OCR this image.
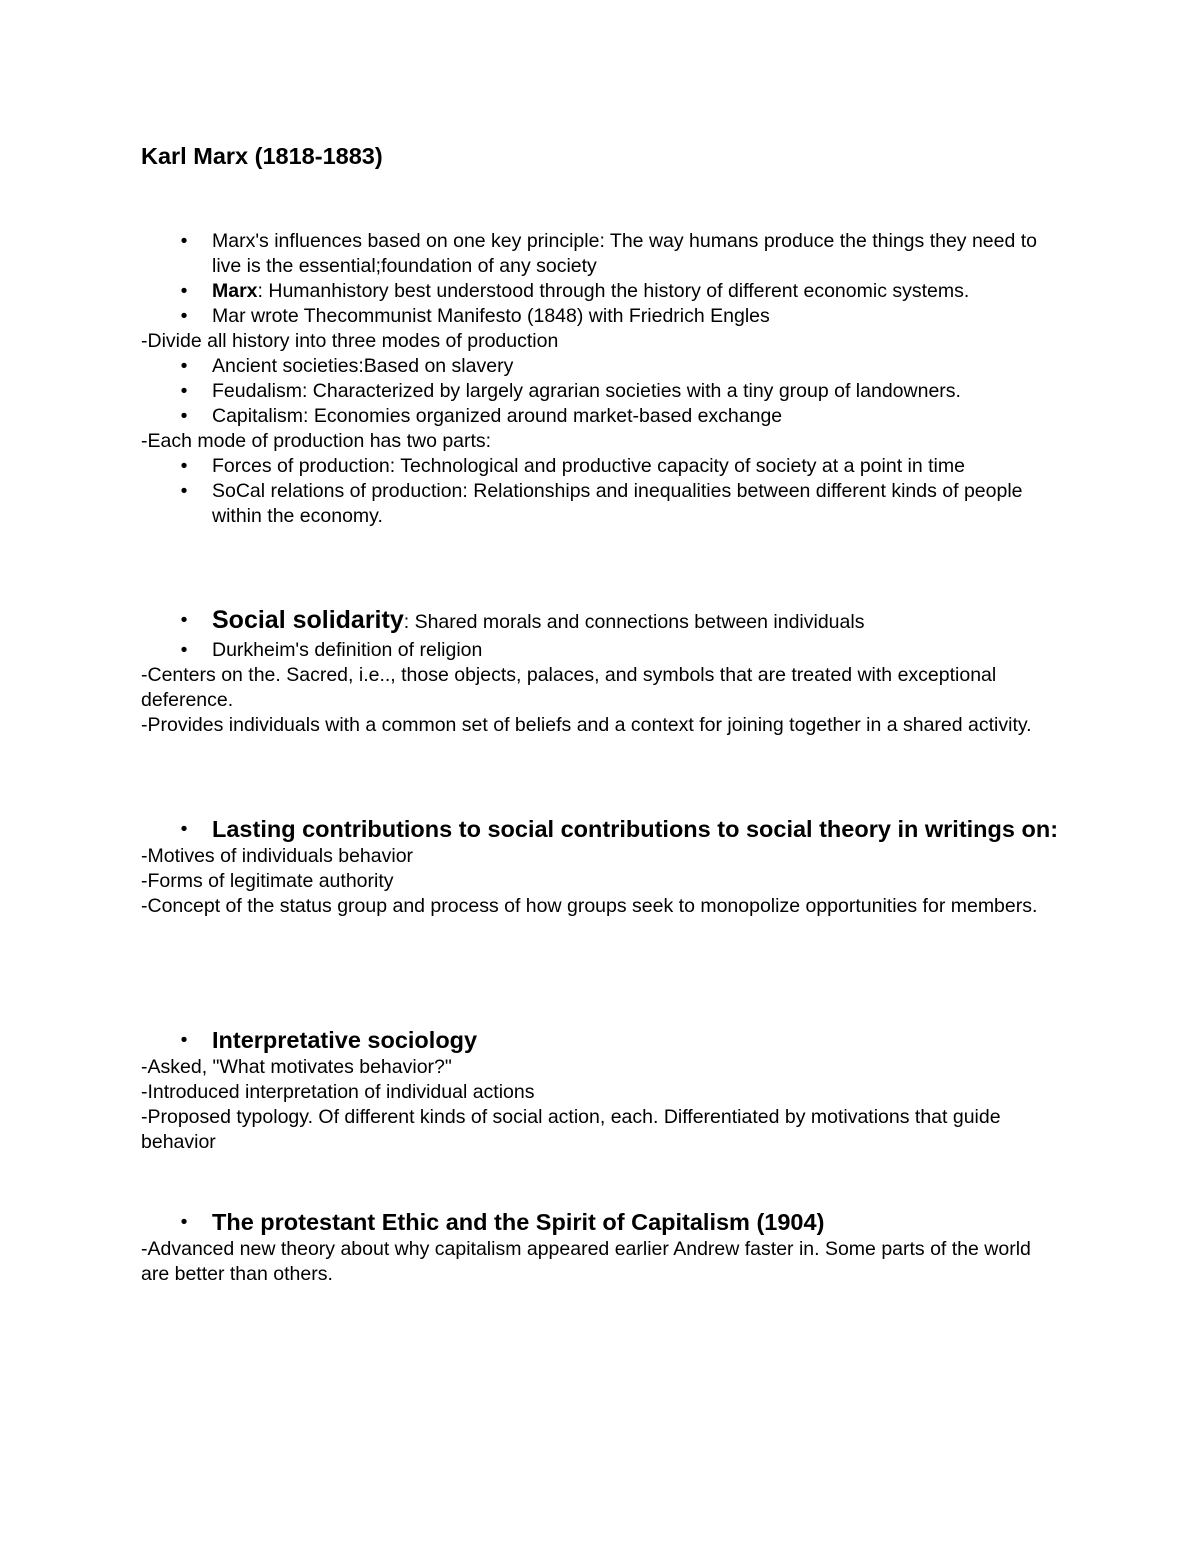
Karl Marx (1818-1883)

• Marx's influences based on one key principle: The way humans produce the things they need to live is the essential;foundation of any society

• Marx: Humanhistory best understood through the history of different economic systems.

• Mar wrote Thecommunist Manifesto (1848) with Friedrich Engles

-Divide all history into three modes of production

• Ancient societies:Based on slavery

• Feudalism: Characterized by largely agrarian societies with a tiny group of landowners.

• Capitalism: Economies organized around market-based exchange

-Each mode of production has two parts:

• Forces of production: Technological and productive capacity of society at a point in time

• SoCal relations of production: Relationships and inequalities between different kinds of people within the economy.

• Social solidarity: Shared morals and connections between individuals

• Durkheim's definition of religion

-Centers on the. Sacred, i.e.., those objects, palaces, and symbols that are treated with exceptional deference.

-Provides individuals with a common set of beliefs and a context for joining together in a shared activity.

• Lasting contributions to social contributions to social theory in writings on:

-Motives of individuals behavior

-Forms of legitimate authority

-Concept of the status group and process of how groups seek to monopolize opportunities for members.

• Interpretative sociology

-Asked, "What motivates behavior?"

-Introduced interpretation of individual actions

-Proposed typology. Of different kinds of social action, each. Differentiated by motivations that guide behavior

• The protestant Ethic and the Spirit of Capitalism (1904)

-Advanced new theory about why capitalism appeared earlier Andrew faster in. Some parts of the world are better than others.
